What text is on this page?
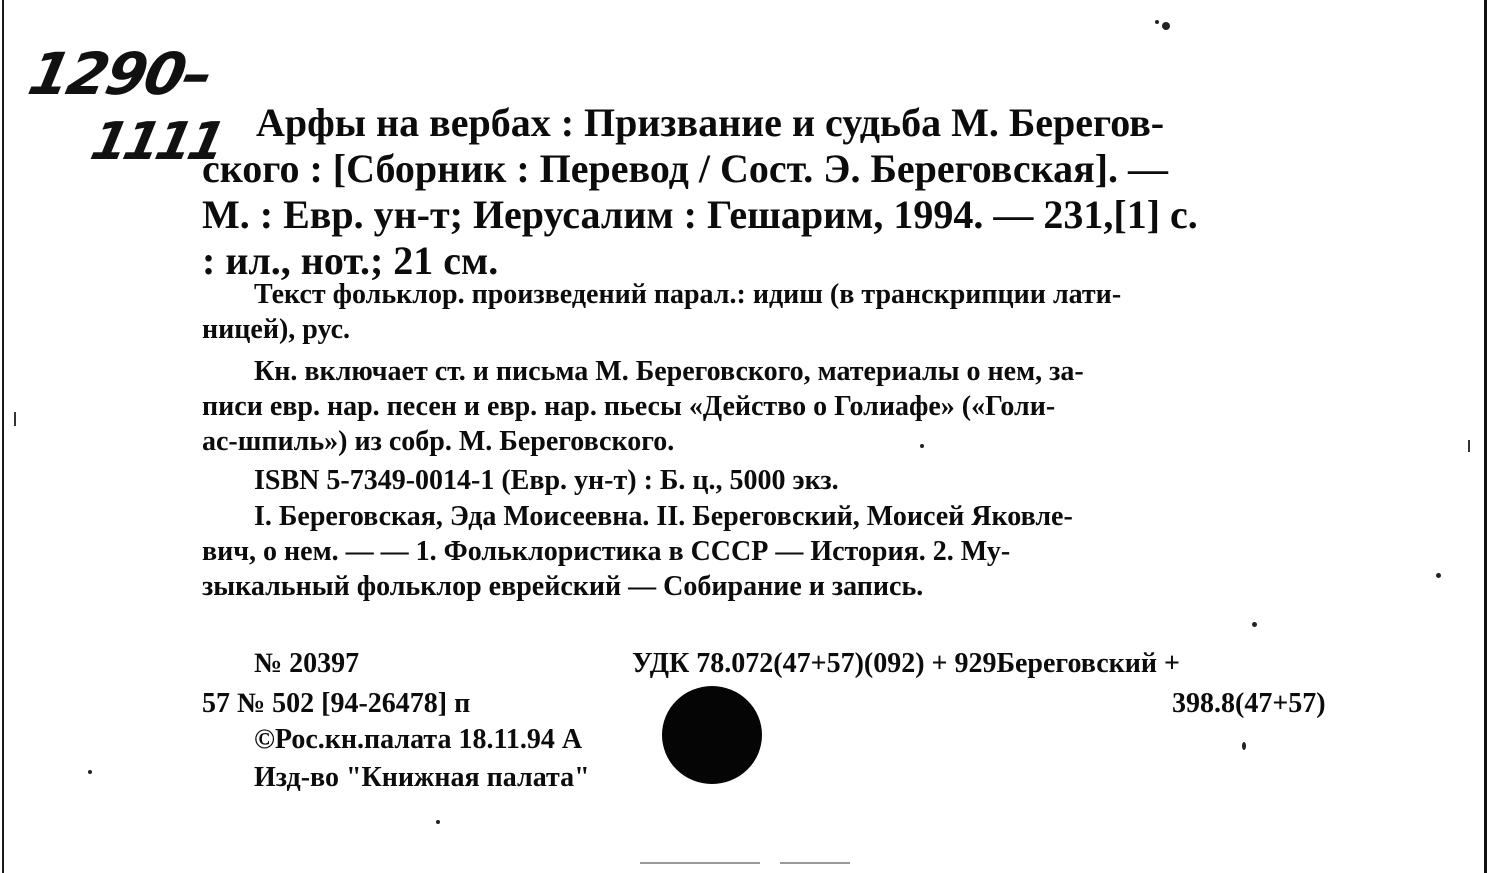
1290–
1111 Арфы на вербах : Призвание и судьба М. Берегов-
ского : [Сборник : Перевод / Сост. Э. Береговская]. —
М. : Евр. ун-т; Иерусалим : Гешарим, 1994. — 231,[1] с.
: ил., нот.; 21 см.
Текст фольклор. произведений парал.: идиш (в транскрипции лати-
ницей), рус.
Кн. включает ст. и письма М. Береговского, материалы о нем, за-
писи евр. нар. песен и евр. нар. пьесы «Действо о Голиафе» («Голи-
ас-шпиль») из собр. М. Береговского.
ISBN 5-7349-0014-1 (Евр. ун-т) : Б. ц., 5000 экз.
I. Береговская, Эда Моисеевна. II. Береговский, Моисей Яковле-
вич, о нем. — — 1. Фольклористика в СССР — История. 2. Му-
зыкальный фольклор еврейский — Собирание и запись.
№ 20397	УДК 78.072(47+57)(092) + 929Береговский +
57 № 502 [94-26478] п	398.8(47+57)
©Рос.кн.палата 18.11.94 А
Изд-во "Книжная палата"
